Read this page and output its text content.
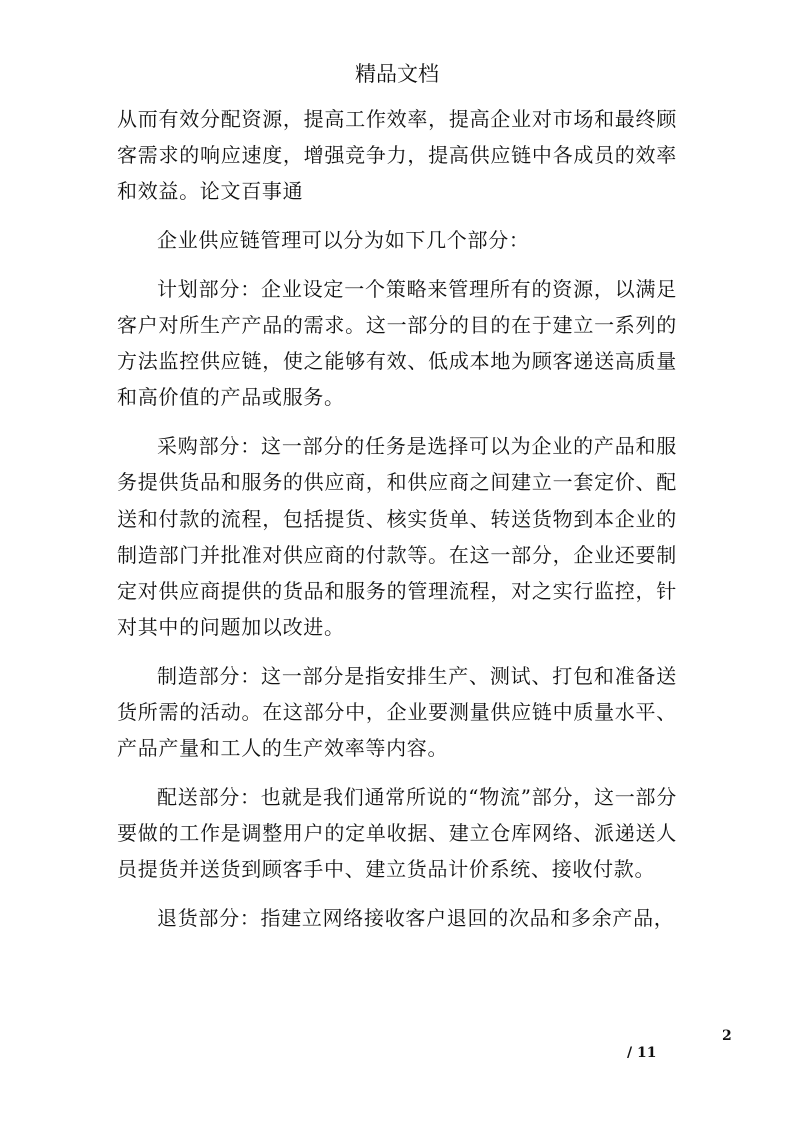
精品文档

从而有效分配资源，提高工作效率，提高企业对市场和最终顾客需求的响应速度，增强竞争力，提高供应链中各成员的效率和效益。论文百事通

企业供应链管理可以分为如下几个部分：

计划部分：企业设定一个策略来管理所有的资源，以满足客户对所生产产品的需求。这一部分的目的在于建立一系列的方法监控供应链，使之能够有效、低成本地为顾客递送高质量和高价值的产品或服务。

采购部分：这一部分的任务是选择可以为企业的产品和服务提供货品和服务的供应商，和供应商之间建立一套定价、配送和付款的流程，包括提货、核实货单、转送货物到本企业的制造部门并批准对供应商的付款等。在这一部分，企业还要制定对供应商提供的货品和服务的管理流程，对之实行监控，针对其中的问题加以改进。

制造部分：这一部分是指安排生产、测试、打包和准备送货所需的活动。在这部分中，企业要测量供应链中质量水平、产品产量和工人的生产效率等内容。

配送部分：也就是我们通常所说的“物流”部分，这一部分要做的工作是调整用户的定单收据、建立仓库网络、派递送人员提货并送货到顾客手中、建立货品计价系统、接收付款。

退货部分：指建立网络接收客户退回的次品和多余产品，

2
/ 11
